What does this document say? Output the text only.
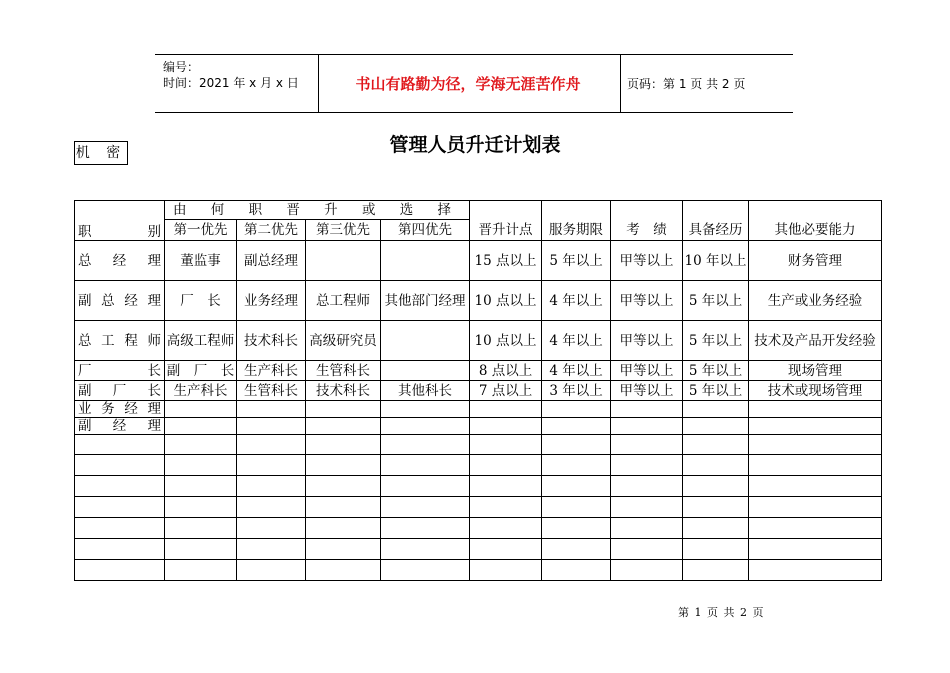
编号：
时间：2021 年 x 月 x 日	书山有路勤为径，学海无涯苦作舟	页码：第 1 页 共 2 页
管理人员升迁计划表
机 密
职　　别	由 何 职 晋 升 或 选 择								
	第一优先	第二优先	第三优先	第四优先	晋升计点	服务期限	考　绩	具备经历	其他必要能力
总　经　理	董监事	副总经理			15 点以上	5 年以上	甲等以上	10 年以上	财务管理
副 总 经 理	厂　长	业务经理	总工程师	其他部门经理	10 点以上	4 年以上	甲等以上	5 年以上	生产或业务经验
总 工 程 师	高级工程师	技术科长	高级研究员		10 点以上	4 年以上	甲等以上	5 年以上	技术及产品开发经验
厂　　长	副　厂　长	生产科长	生管科长		8 点以上	4 年以上	甲等以上	5 年以上	现场管理
副　厂　长	生产科长	生管科长	技术科长	其他科长	7 点以上	3 年以上	甲等以上	5 年以上	技术或现场管理
业 务 经 理									
副　经　理									

第 1 页 共 2 页
